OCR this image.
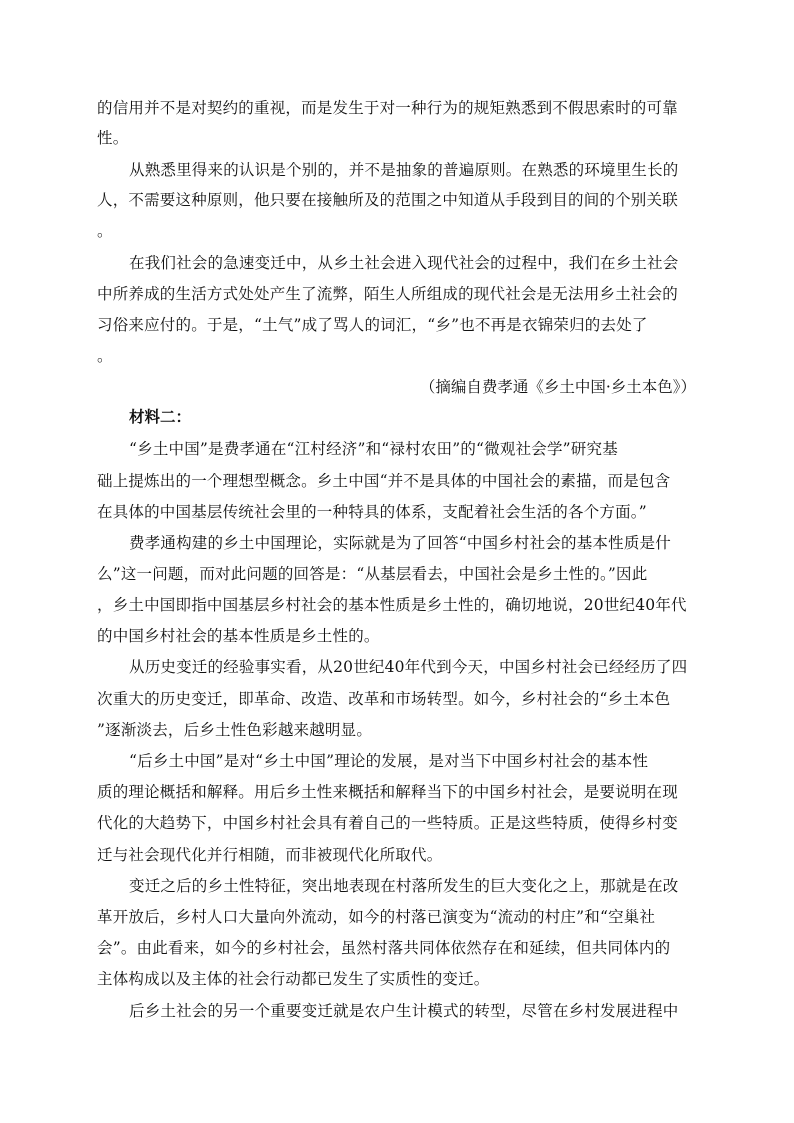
的信用并不是对契约的重视，而是发生于对一种行为的规矩熟悉到不假思索时的可靠
性。
从熟悉里得来的认识是个别的，并不是抽象的普遍原则。在熟悉的环境里生长的
人，不需要这种原则，他只要在接触所及的范围之中知道从手段到目的间的个别关联
。
在我们社会的急速变迁中，从乡土社会进入现代社会的过程中，我们在乡土社会
中所养成的生活方式处处产生了流弊，陌生人所组成的现代社会是无法用乡土社会的
习俗来应付的。于是，“土气”成了骂人的词汇，“乡”也不再是衣锦荣归的去处了
。
（摘编自费孝通《乡土中国·乡土本色》）
材料二：
“乡土中国”是费孝通在“江村经济”和“禄村农田”的“微观社会学”研究基
础上提炼出的一个理想型概念。乡土中国“并不是具体的中国社会的素描，而是包含
在具体的中国基层传统社会里的一种特具的体系，支配着社会生活的各个方面。”
费孝通构建的乡土中国理论，实际就是为了回答“中国乡村社会的基本性质是什
么”这一问题，而对此问题的回答是：“从基层看去，中国社会是乡土性的。”因此
，乡土中国即指中国基层乡村社会的基本性质是乡土性的，确切地说，20世纪40年代
的中国乡村社会的基本性质是乡土性的。
从历史变迁的经验事实看，从20世纪40年代到今天，中国乡村社会已经经历了四
次重大的历史变迁，即革命、改造、改革和市场转型。如今，乡村社会的“乡土本色
”逐渐淡去，后乡土性色彩越来越明显。
“后乡土中国”是对“乡土中国”理论的发展，是对当下中国乡村社会的基本性
质的理论概括和解释。用后乡土性来概括和解释当下的中国乡村社会，是要说明在现
代化的大趋势下，中国乡村社会具有着自己的一些特质。正是这些特质，使得乡村变
迁与社会现代化并行相随，而非被现代化所取代。
变迁之后的乡土性特征，突出地表现在村落所发生的巨大变化之上，那就是在改
革开放后，乡村人口大量向外流动，如今的村落已演变为“流动的村庄”和“空巢社
会”。由此看来，如今的乡村社会，虽然村落共同体依然存在和延续，但共同体内的
主体构成以及主体的社会行动都已发生了实质性的变迁。
后乡土社会的另一个重要变迁就是农户生计模式的转型，尽管在乡村发展进程中
